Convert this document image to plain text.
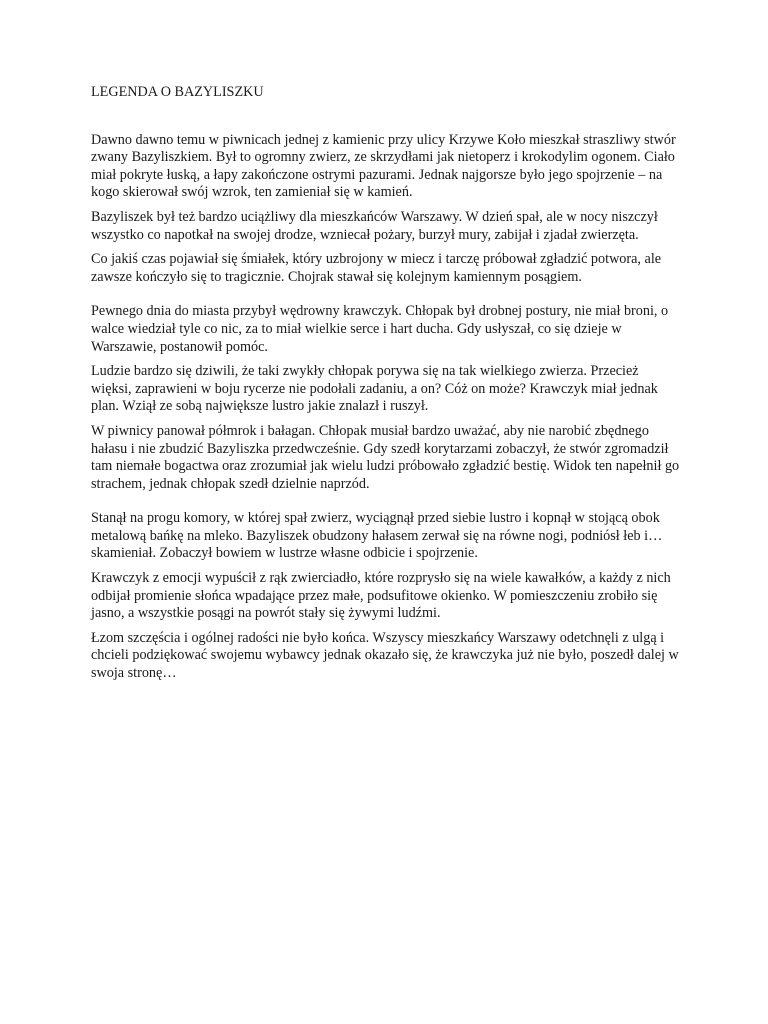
LEGENDA O BAZYLISZKU

Dawno dawno temu w piwnicach jednej z kamienic przy ulicy Krzywe Koło mieszkał straszliwy stwór zwany Bazyliszkiem. Był to ogromny zwierz, ze skrzydłami jak nietoperz i krokodylim ogonem. Ciało miał pokryte łuską, a łapy zakończone ostrymi pazurami. Jednak najgorsze było jego spojrzenie – na kogo skierował swój wzrok, ten zamieniał się w kamień.

Bazyliszek był też bardzo uciążliwy dla mieszkańców Warszawy. W dzień spał, ale w nocy niszczył wszystko co napotkał na swojej drodze, wzniecał pożary, burzył mury, zabijał i zjadał zwierzęta.

Co jakiś czas pojawiał się śmiałek, który uzbrojony w miecz i tarczę próbował zgładzić potwora, ale zawsze kończyło się to tragicznie. Chojrak stawał się kolejnym kamiennym posągiem.

Pewnego dnia do miasta przybył wędrowny krawczyk. Chłopak był drobnej postury, nie miał broni, o walce wiedział tyle co nic, za to miał wielkie serce i hart ducha. Gdy usłyszał, co się dzieje w Warszawie, postanowił pomóc.

Ludzie bardzo się dziwili, że taki zwykły chłopak porywa się na tak wielkiego zwierza. Przecież więksi, zaprawieni w boju rycerze nie podołali zadaniu, a on? Cóż on może? Krawczyk miał jednak plan. Wziął ze sobą największe lustro jakie znalazł i ruszył.

W piwnicy panował półmrok i bałagan. Chłopak musiał bardzo uważać, aby nie narobić zbędnego hałasu i nie zbudzić Bazyliszka przedwcześnie. Gdy szedł korytarzami zobaczył, że stwór zgromadził tam niemałe bogactwa oraz zrozumiał jak wielu ludzi próbowało zgładzić bestię. Widok ten napełnił go strachem, jednak chłopak szedł dzielnie naprzód.

Stanął na progu komory, w której spał zwierz, wyciągnął przed siebie lustro i kopnął w stojącą obok metalową bańkę na mleko. Bazyliszek obudzony hałasem zerwał się na równe nogi, podniósł łeb i… skamieniał. Zobaczył bowiem w lustrze własne odbicie i spojrzenie.

Krawczyk z emocji wypuścił z rąk zwierciadło, które rozprysło się na wiele kawałków, a każdy z nich odbijał promienie słońca wpadające przez małe, podsufitowe okienko. W pomieszczeniu zrobiło się jasno, a wszystkie posągi na powrót stały się żywymi ludźmi.

Łzom szczęścia i ogólnej radości nie było końca. Wszyscy mieszkańcy Warszawy odetchnęli z ulgą i chcieli podziękować swojemu wybawcy jednak okazało się, że krawczyka już nie było, poszedł dalej w swoja stronę…
